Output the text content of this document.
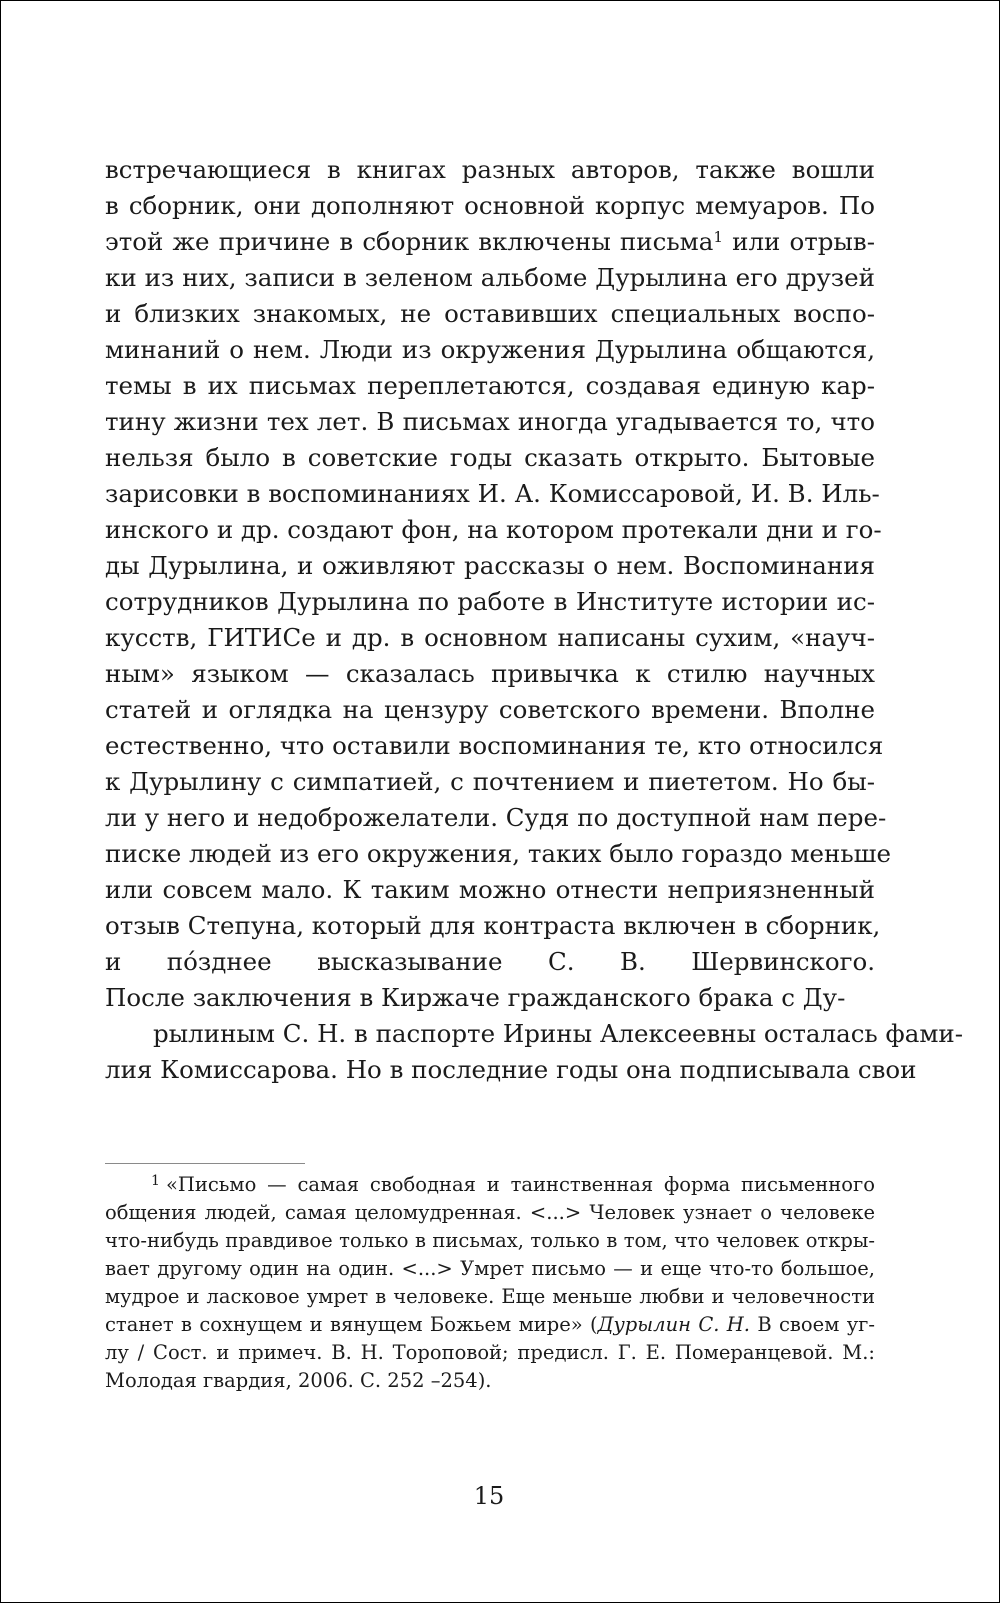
встречающиеся в книгах разных авторов, также вошли
в сборник, они дополняют основной корпус мемуаров. По
этой же причине в сборник включены письма$^1$ или отрыв-
ки из них, записи в зеленом альбоме Дурылина его друзей
и близких знакомых, не оставивших специальных воспо-
минаний о нем. Люди из окружения Дурылина общаются,
темы в их письмах переплетаются, создавая единую кар-
тину жизни тех лет. В письмах иногда угадывается то, что
нельзя было в советские годы сказать открыто. Бытовые
зарисовки в воспоминаниях И. А. Комиссаровой, И. В. Иль-
инского и др. создают фон, на котором протекали дни и го-
ды Дурылина, и оживляют рассказы о нем. Воспоминания
сотрудников Дурылина по работе в Институте истории ис-
кусств, ГИТИСе и др. в основном написаны сухим, «науч-
ным» языком — сказалась привычка к стилю научных
статей и оглядка на цензуру советского времени. Вполне
естественно, что оставили воспоминания те, кто относился
к Дурылину с симпатией, с почтением и пиететом. Но бы-
ли у него и недоброжелатели. Судя по доступной нам пере-
писке людей из его окружения, таких было гораздо меньше
или совсем мало. К таким можно отнести неприязненный
отзыв Степуна, который для контраста включен в сборник,
и пóзднее высказывание С. В. Шервинского.
После заключения в Киржаче гражданского брака с Ду-
рылиным С. Н. в паспорте Ирины Алексеевны осталась фами-
лия Комиссарова. Но в последние годы она подписывала свои
$^1$ «Письмо — самая свободная и таинственная форма письменного
общения людей, самая целомудренная. <...> Человек узнает о человеке
что-нибудь правдивое только в письмах, только в том, что человек откры-
вает другому один на один. <...> Умрет письмо — и еще что-то большое,
мудрое и ласковое умрет в человеке. Еще меньше любви и человечности
станет в сохнущем и вянущем Божьем мире» (Дурылин С. Н. В своем уг-
лу / Сост. и примеч. В. Н. Тороповой; предисл. Г. Е. Померанцевой. М.:
Молодая гвардия, 2006. С. 252 –254).
15
